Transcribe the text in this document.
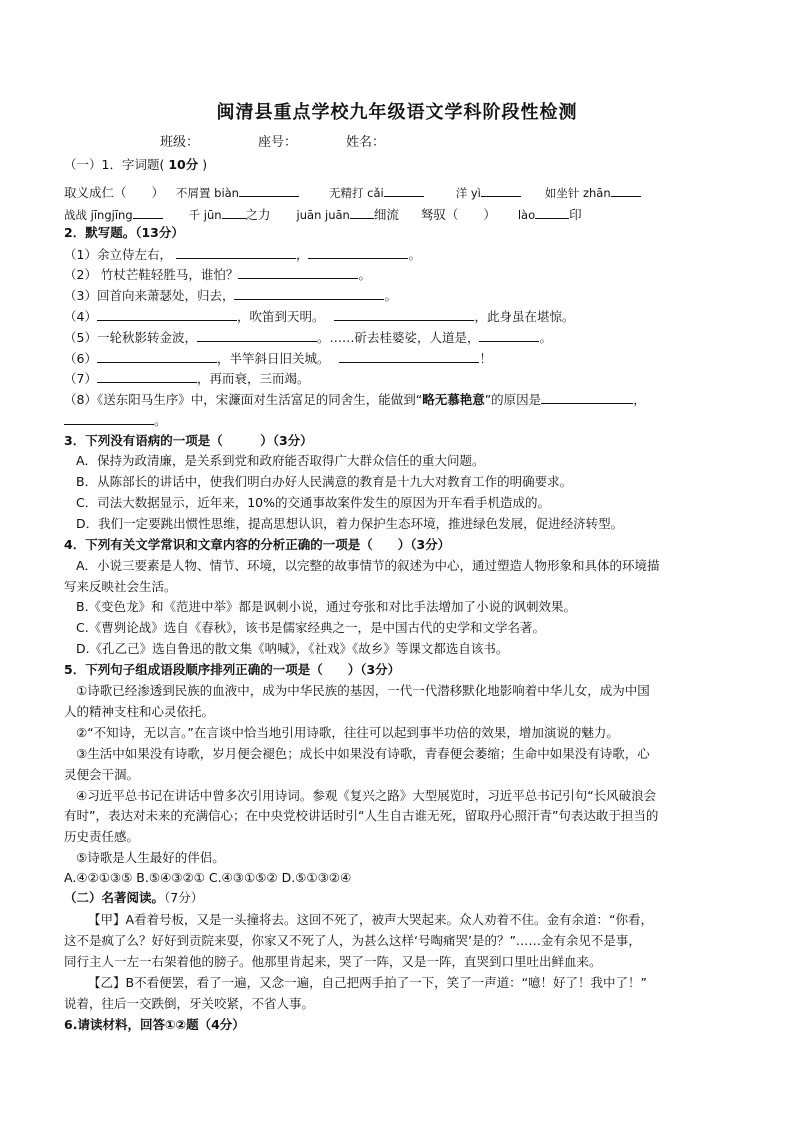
闽清县重点学校九年级语文学科阶段性检测
班级：	座号：	姓名：
（一）1．字词题( 10分 )
取义成仁（　　） 不屑置 biàn	无精打 cǎi	洋 yì	如坐针 zhān
战战 jīngjīng	千 jūn 之力 juān juān 细流 驽驭（　　） lào	印
2．默写题。（13分）
（1）余立侍左右，	，	。
（2） 竹杖芒鞋轻胜马，谁怕？	。
（3）回首向来萧瑟处，归去，	。
（4）	，吹笛到天明。	，此身虽在堪惊。
（5）一轮秋影转金波，	。……斫去桂婆娑，人道是，	。
（6）	，半竿斜日旧关城。	！
（7）	，再而衰，三而竭。
（8）《送东阳马生序》中，宋濂面对生活富足的同舍生，能做到“略无慕艳意”的原因是	，
。
3．下列没有语病的一项是（　　　）（3分）
A．保持为政清廉，是关系到党和政府能否取得广大群众信任的重大问题。
B．从陈部长的讲话中，使我们明白办好人民满意的教育是十九大对教育工作的明确要求。
C．司法大数据显示，近年来，10%的交通事故案件发生的原因为开车看手机造成的。
D．我们一定要跳出惯性思维，提高思想认识，着力保护生态环境，推进绿色发展，促进经济转型。
4．下列有关文学常识和文章内容的分析正确的一项是（　　）（3分）
A．小说三要素是人物、情节、环境，以完整的故事情节的叙述为中心，通过塑造人物形象和具体的环境描
写来反映社会生活。
B.《变色龙》和《范进中举》都是讽刺小说，通过夸张和对比手法增加了小说的讽刺效果。
C.《曹刿论战》选自《春秋》，该书是儒家经典之一，是中国古代的史学和文学名著。
D.《孔乙己》选自鲁迅的散文集《呐喊》，《社戏》《故乡》等课文都选自该书。
5．下列句子组成语段顺序排列正确的一项是（　　）（3分）
①诗歌已经渗透到民族的血液中，成为中华民族的基因，一代一代潜移默化地影响着中华儿女，成为中国
人的精神支柱和心灵依托。
②“不知诗，无以言。”在言谈中恰当地引用诗歌，往往可以起到事半功倍的效果，增加演说的魅力。
③生活中如果没有诗歌，岁月便会褪色；成长中如果没有诗歌，青春便会萎缩；生命中如果没有诗歌，心
灵便会干涸。
④习近平总书记在讲话中曾多次引用诗词。参观《复兴之路》大型展览时，习近平总书记引句“长风破浪会
有时”，表达对未来的充满信心；在中央党校讲话时引“人生自古谁无死，留取丹心照汗青”句表达敢于担当的
历史责任感。
⑤诗歌是人生最好的伴侣。
A.④②①③⑤ B.⑤④③②① C.④③①⑤② D.⑤①③②④
（二）名著阅读。（7分）
【甲】A看着号板，又是一头撞将去。这回不死了，被声大哭起来。众人劝着不住。金有余道：“你看，
这不是疯了么？好好到贡院来耍，你家又不死了人，为甚么这样‘号啕痛哭’是的？”……金有余见不是事，
同行主人一左一右架着他的膀子。他那里肯起来，哭了一阵，又是一阵，直哭到口里吐出鲜血来。
【乙】B不看便罢，看了一遍，又念一遍，自己把两手拍了一下，笑了一声道：“噫！好了！我中了！”
说着，往后一交跌倒，牙关咬紧，不省人事。
6.请读材料，回答①②题（4分）
